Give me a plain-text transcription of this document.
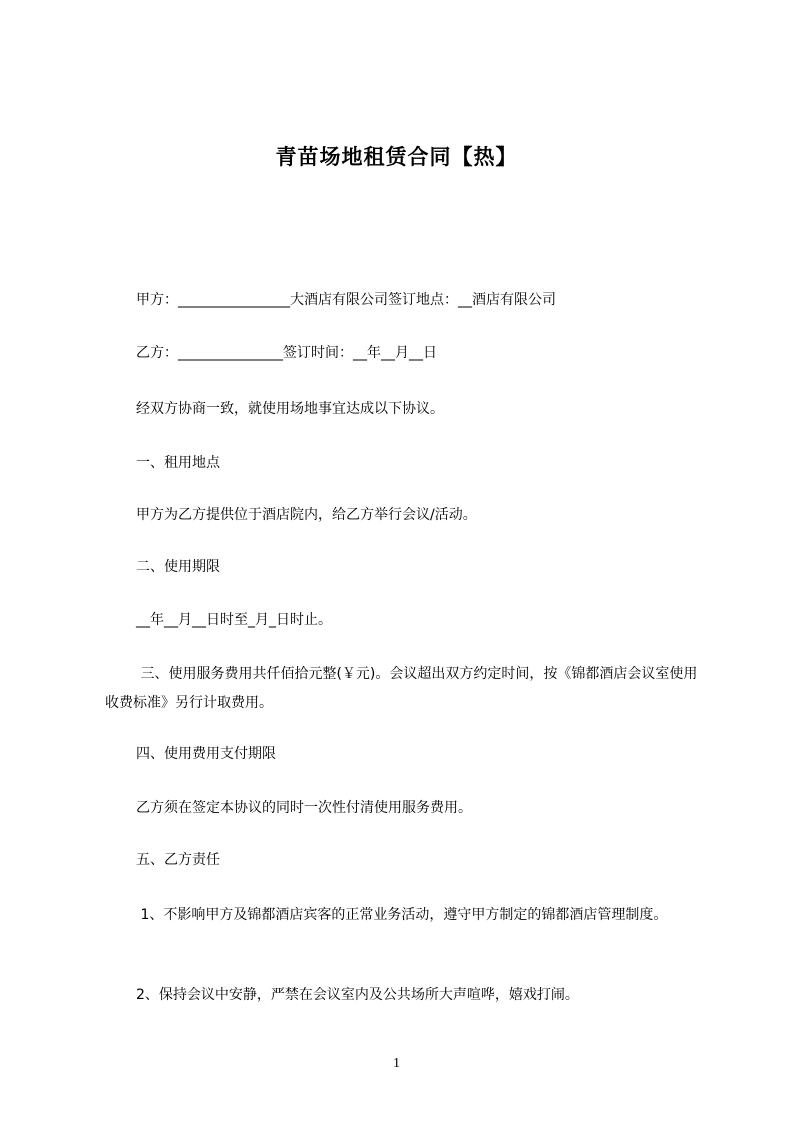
青苗场地租赁合同【热】

甲方：________________大酒店有限公司签订地点：__酒店有限公司

乙方：_______________签订时间：__年__月__日

经双方协商一致，就使用场地事宜达成以下协议。

一、租用地点

甲方为乙方提供位于酒店院内，给乙方举行会议/活动。

二、使用期限

__年__月__日时至_月_日时止。

三、使用服务费用共仟佰拾元整(￥元)。会议超出双方约定时间，按《锦都酒店会议室使用收费标准》另行计取费用。

四、使用费用支付期限

乙方须在签定本协议的同时一次性付清使用服务费用。

五、乙方责任

1、不影响甲方及锦都酒店宾客的正常业务活动，遵守甲方制定的锦都酒店管理制度。

2、保持会议中安静，严禁在会议室内及公共场所大声喧哗，嬉戏打闹。

1
